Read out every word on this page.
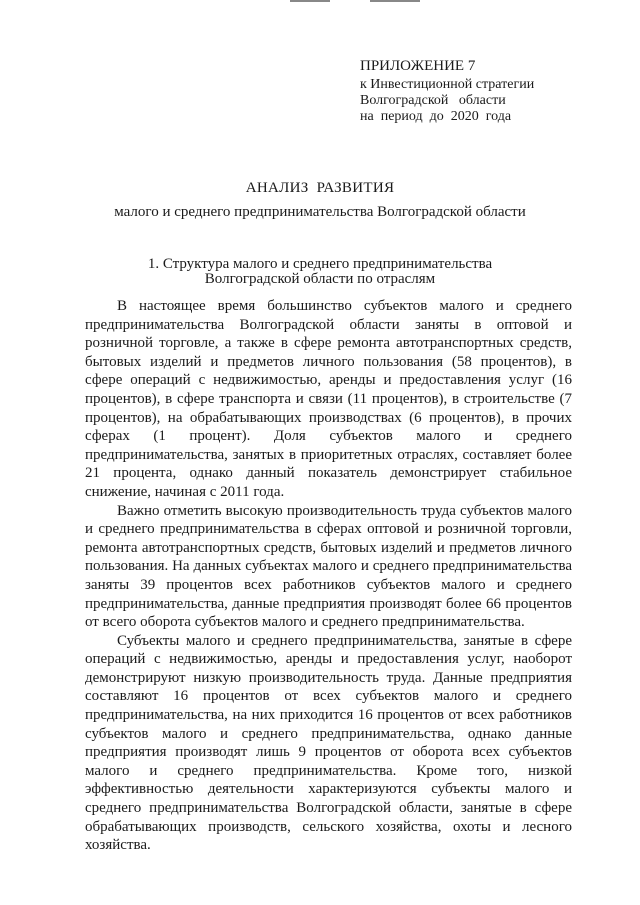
ПРИЛОЖЕНИЕ 7
к Инвестиционной стратегии
Волгоградской   области
на  период  до  2020  года
АНАЛИЗ  РАЗВИТИЯ
малого и среднего предпринимательства Волгоградской области
1. Структура малого и среднего предпринимательства
Волгоградской области по отраслям

В настоящее время большинство субъектов малого и среднего предпринимательства Волгоградской области заняты в оптовой и розничной торговле, а также в сфере ремонта автотранспортных средств, бытовых изделий и предметов личного пользования (58 процентов), в сфере операций с недвижимостью, аренды и предоставления услуг (16 процентов), в сфере транспорта и связи (11 процентов), в строительстве (7 процентов), на обрабатывающих производствах (6 процентов), в прочих сферах (1 процент). Доля субъектов малого и среднего предпринимательства, занятых в приоритетных отраслях, составляет более 21 процента, однако данный показатель демонстрирует стабильное снижение, начиная с 2011 года.

Важно отметить высокую производительность труда субъектов малого и среднего предпринимательства в сферах оптовой и розничной торговли, ремонта автотранспортных средств, бытовых изделий и предметов личного пользования. На данных субъектах малого и среднего предпринимательства заняты 39 процентов всех работников субъектов малого и среднего предпринимательства, данные предприятия производят более 66 процентов от всего оборота субъектов малого и среднего предпринимательства.

Субъекты малого и среднего предпринимательства, занятые в сфере операций с недвижимостью, аренды и предоставления услуг, наоборот демонстрируют низкую производительность труда. Данные предприятия составляют 16 процентов от всех субъектов малого и среднего предпринимательства, на них приходится 16 процентов от всех работников субъектов малого и среднего предпринимательства, однако данные предприятия производят лишь 9 процентов от оборота всех субъектов малого и среднего предпринимательства. Кроме того, низкой эффективностью деятельности характеризуются субъекты малого и среднего предпринимательства Волгоградской области, занятые в сфере обрабатывающих производств, сельского хозяйства, охоты и лесного хозяйства.
